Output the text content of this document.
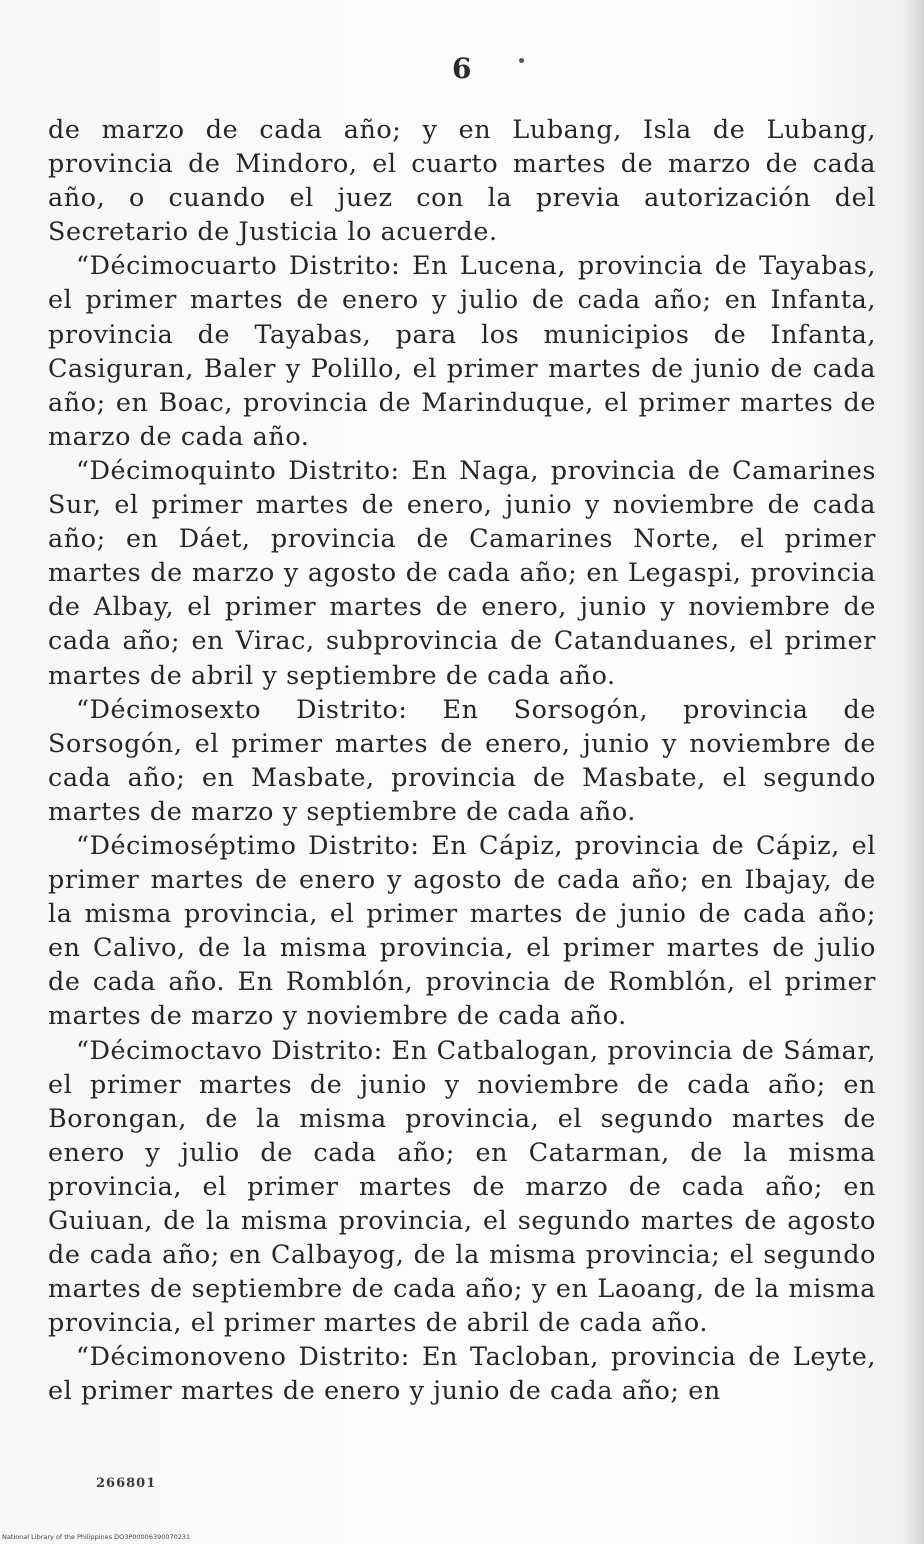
6

de marzo de cada año; y en Lubang, Isla de Lubang, provincia de Mindoro, el cuarto martes de marzo de cada año, o cuando el juez con la previa autorización del Secretario de Justicia lo acuerde.

“Décimocuarto Distrito: En Lucena, provincia de Tayabas, el primer martes de enero y julio de cada año; en Infanta, provincia de Tayabas, para los municipios de Infanta, Casiguran, Baler y Polillo, el primer martes de junio de cada año; en Boac, provincia de Marinduque, el primer martes de marzo de cada año.

“Décimoquinto Distrito: En Naga, provincia de Camarines Sur, el primer martes de enero, junio y noviembre de cada año; en Dáet, provincia de Camarines Norte, el primer martes de marzo y agosto de cada año; en Legaspi, provincia de Albay, el primer martes de enero, junio y noviembre de cada año; en Virac, subprovincia de Catanduanes, el primer martes de abril y septiembre de cada año.

“Décimosexto Distrito: En Sorsogón, provincia de Sorsogón, el primer martes de enero, junio y noviembre de cada año; en Masbate, provincia de Masbate, el segundo martes de marzo y septiembre de cada año.

“Décimoséptimo Distrito: En Cápiz, provincia de Cápiz, el primer martes de enero y agosto de cada año; en Ibajay, de la misma provincia, el primer martes de junio de cada año; en Calivo, de la misma provincia, el primer martes de julio de cada año. En Romblón, provincia de Romblón, el primer martes de marzo y noviembre de cada año.

“Décimoctavo Distrito: En Catbalogan, provincia de Sámar, el primer martes de junio y noviembre de cada año; en Borongan, de la misma provincia, el segundo martes de enero y julio de cada año; en Catarman, de la misma provincia, el primer martes de marzo de cada año; en Guiuan, de la misma provincia, el segundo martes de agosto de cada año; en Calbayog, de la misma provincia; el segundo martes de septiembre de cada año; y en Laoang, de la misma provincia, el primer martes de abril de cada año.

“Décimonoveno Distrito: En Tacloban, provincia de Leyte, el primer martes de enero y junio de cada año; en

266801
National Library of the Philippines DO3P00006390070231
